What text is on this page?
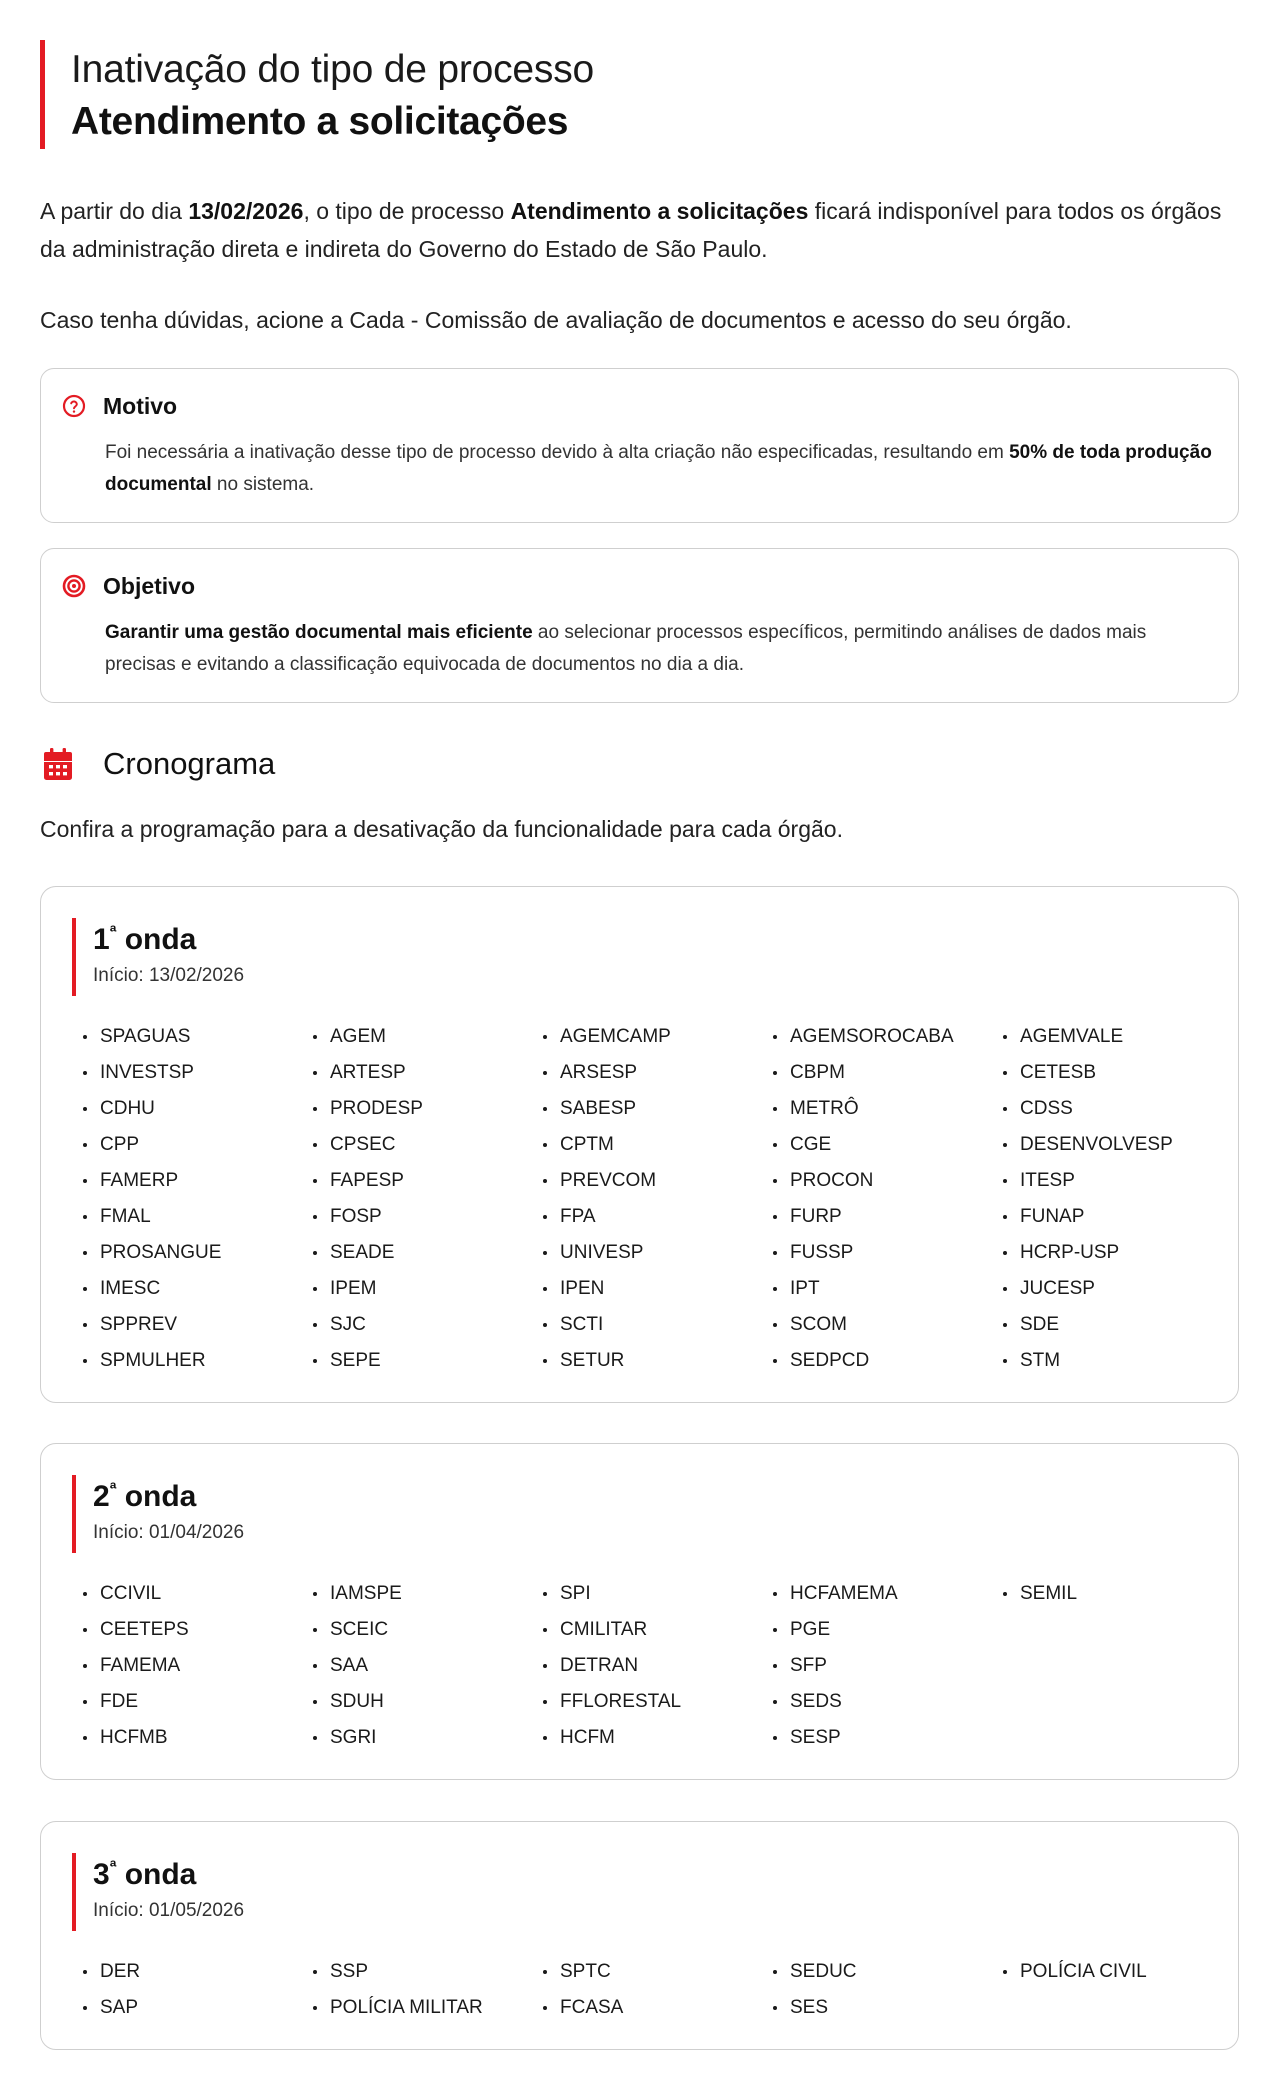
Inativação do tipo de processo
Atendimento a solicitações

A partir do dia 13/02/2026, o tipo de processo Atendimento a solicitações ficará indisponível para todos os órgãos da administração direta e indireta do Governo do Estado de São Paulo.

Caso tenha dúvidas, acione a Cada - Comissão de avaliação de documentos e acesso do seu órgão.

Motivo

Foi necessária a inativação desse tipo de processo devido à alta criação não especificadas, resultando em 50% de toda produção documental no sistema.

Objetivo

Garantir uma gestão documental mais eficiente ao selecionar processos específicos, permitindo análises de dados mais precisas e evitando a classificação equivocada de documentos no dia a dia.

Cronograma

Confira a programação para a desativação da funcionalidade para cada órgão.

$1^ª$ onda
Início: 13/02/2026
SPAGUAS	AGEM	AGEMCAMP	AGEMSOROCABA	AGEMVALE
INVESTSP	ARTESP	ARSESP	CBPM	CETESB
CDHU	PRODESP	SABESP	METRÔ	CDSS
CPP	CPSEC	CPTM	CGE	DESENVOLVESP
FAMERP	FAPESP	PREVCOM	PROCON	ITESP
FMAL	FOSP	FPA	FURP	FUNAP
PROSANGUE	SEADE	UNIVESP	FUSSP	HCRP-USP
IMESC	IPEM	IPEN	IPT	JUCESP
SPPREV	SJC	SCTI	SCOM	SDE
SPMULHER	SEPE	SETUR	SEDPCD	STM
$2^ª$ onda
Início: 01/04/2026
CCIVIL	IAMSPE	SPI	HCFAMEMA	SEMIL
CEETEPS	SCEIC	CMILITAR	PGE
FAMEMA	SAA	DETRAN	SFP
FDE	SDUH	FFLORESTAL	SEDS
HCFMB	SGRI	HCFM	SESP
$3^ª$ onda
Início: 01/05/2026
DER	SSP	SPTC	SEDUC	POLÍCIA CIVIL
SAP	POLÍCIA MILITAR	FCASA	SES
